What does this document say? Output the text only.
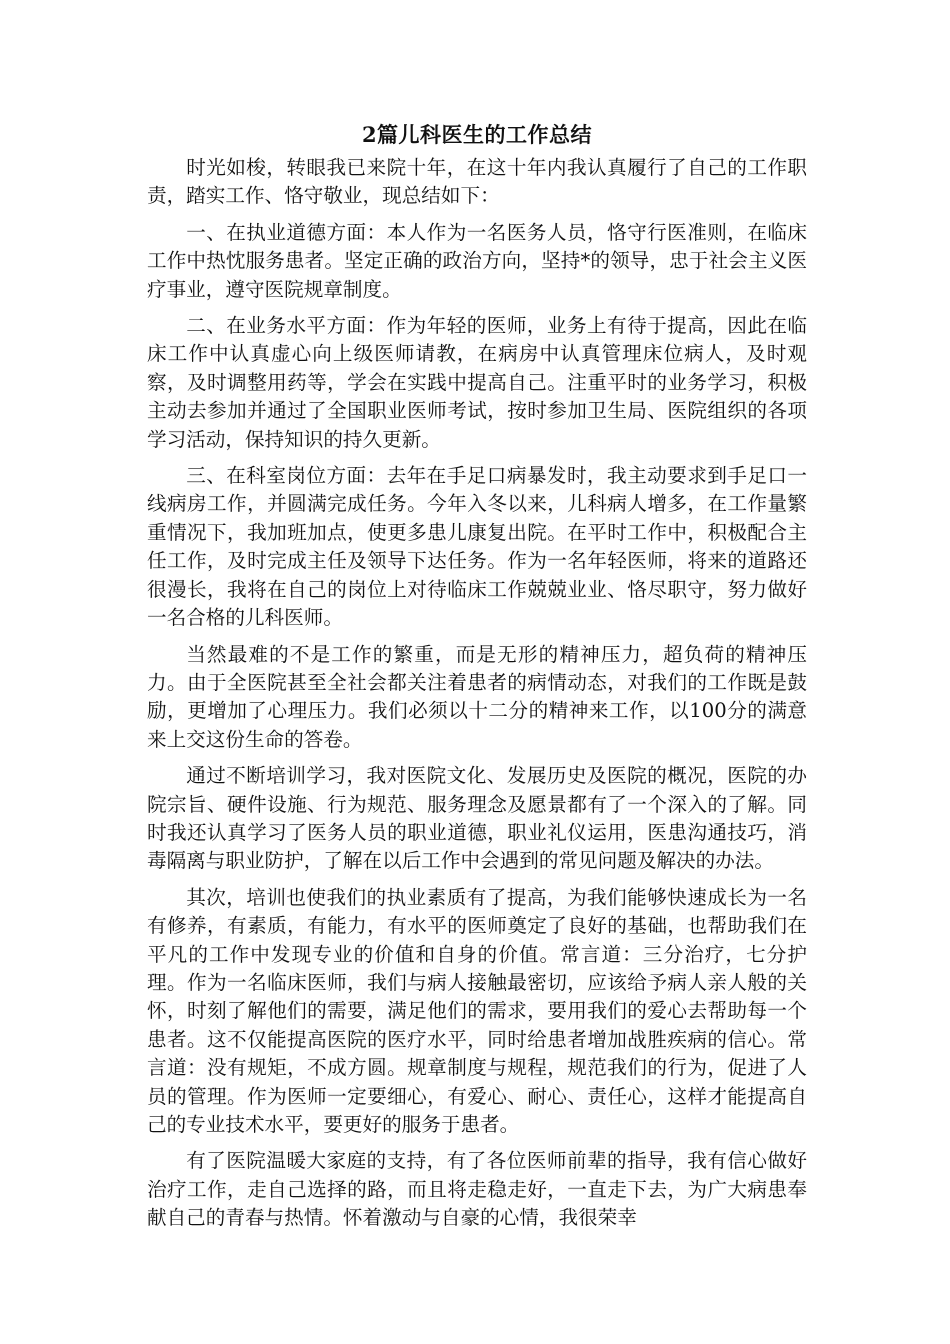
2篇儿科医生的工作总结

时光如梭，转眼我已来院十年，在这十年内我认真履行了自己的工作职责，踏实工作、恪守敬业，现总结如下：

一、在执业道德方面：本人作为一名医务人员，恪守行医准则，在临床工作中热忱服务患者。坚定正确的政治方向，坚持*的领导，忠于社会主义医疗事业，遵守医院规章制度。

二、在业务水平方面：作为年轻的医师，业务上有待于提高，因此在临床工作中认真虚心向上级医师请教，在病房中认真管理床位病人，及时观察，及时调整用药等，学会在实践中提高自己。注重平时的业务学习，积极主动去参加并通过了全国职业医师考试，按时参加卫生局、医院组织的各项学习活动，保持知识的持久更新。

三、在科室岗位方面：去年在手足口病暴发时，我主动要求到手足口一线病房工作，并圆满完成任务。今年入冬以来，儿科病人增多，在工作量繁重情况下，我加班加点，使更多患儿康复出院。在平时工作中，积极配合主任工作，及时完成主任及领导下达任务。作为一名年轻医师，将来的道路还很漫长，我将在自己的岗位上对待临床工作兢兢业业、恪尽职守，努力做好一名合格的儿科医师。

当然最难的不是工作的繁重，而是无形的精神压力，超负荷的精神压力。由于全医院甚至全社会都关注着患者的病情动态，对我们的工作既是鼓励，更增加了心理压力。我们必须以十二分的精神来工作，以100分的满意来上交这份生命的答卷。

通过不断培训学习，我对医院文化、发展历史及医院的概况，医院的办院宗旨、硬件设施、行为规范、服务理念及愿景都有了一个深入的了解。同时我还认真学习了医务人员的职业道德，职业礼仪运用，医患沟通技巧，消毒隔离与职业防护，了解在以后工作中会遇到的常见问题及解决的办法。

其次，培训也使我们的执业素质有了提高，为我们能够快速成长为一名有修养，有素质，有能力，有水平的医师奠定了良好的基础，也帮助我们在平凡的工作中发现专业的价值和自身的价值。常言道：三分治疗，七分护理。作为一名临床医师，我们与病人接触最密切，应该给予病人亲人般的关怀，时刻了解他们的需要，满足他们的需求，要用我们的爱心去帮助每一个患者。这不仅能提高医院的医疗水平，同时给患者增加战胜疾病的信心。常言道：没有规矩，不成方圆。规章制度与规程，规范我们的行为，促进了人员的管理。作为医师一定要细心，有爱心、耐心、责任心，这样才能提高自己的专业技术水平，要更好的服务于患者。

有了医院温暖大家庭的支持，有了各位医师前辈的指导，我有信心做好治疗工作，走自己选择的路，而且将走稳走好，一直走下去，为广大病患奉献自己的青春与热情。怀着激动与自豪的心情，我很荣幸
